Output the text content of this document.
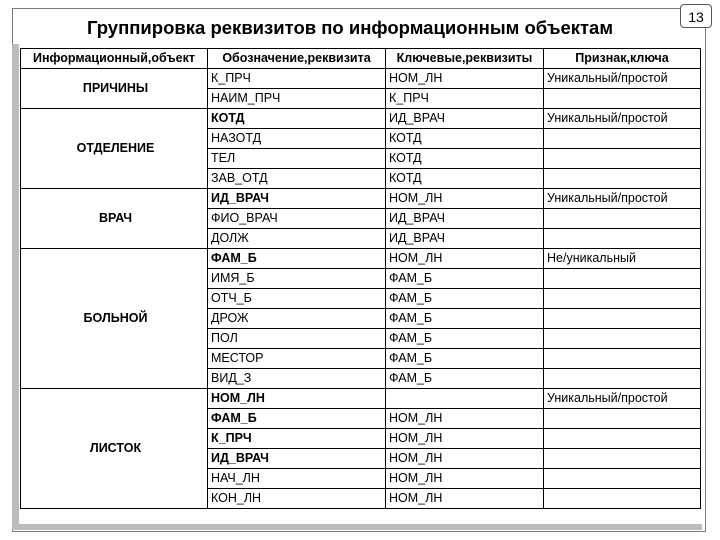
Группировка реквизитов по информационным объектам	13
Информационный,объект	Обозначение,реквизита	Ключевые,реквизиты	Признак,ключа
ПРИЧИНЫ	К_ПРЧ	НОМ_ЛН	Уникальный/простой
	НАИМ_ПРЧ	К_ПРЧ	
ОТДЕЛЕНИЕ	КОТД	ИД_ВРАЧ	Уникальный/простой
	НАЗОТД	КОТД	
	ТЕЛ	КОТД	
	ЗАВ_ОТД	КОТД	
ВРАЧ	ИД_ВРАЧ	НОМ_ЛН	Уникальный/простой
	ФИО_ВРАЧ	ИД_ВРАЧ	
	ДОЛЖ	ИД_ВРАЧ	
БОЛЬНОЙ	ФАМ_Б	НОМ_ЛН	Не/уникальный
	ИМЯ_Б	ФАМ_Б	
	ОТЧ_Б	ФАМ_Б	
	ДРОЖ	ФАМ_Б	
	ПОЛ	ФАМ_Б	
	МЕСТОР	ФАМ_Б	
	ВИД_З	ФАМ_Б	
ЛИСТОК	НОМ_ЛН		Уникальный/простой
	ФАМ_Б	НОМ_ЛН	
	К_ПРЧ	НОМ_ЛН	
	ИД_ВРАЧ	НОМ_ЛН	
	НАЧ_ЛН	НОМ_ЛН	
	КОН_ЛН	НОМ_ЛН	
